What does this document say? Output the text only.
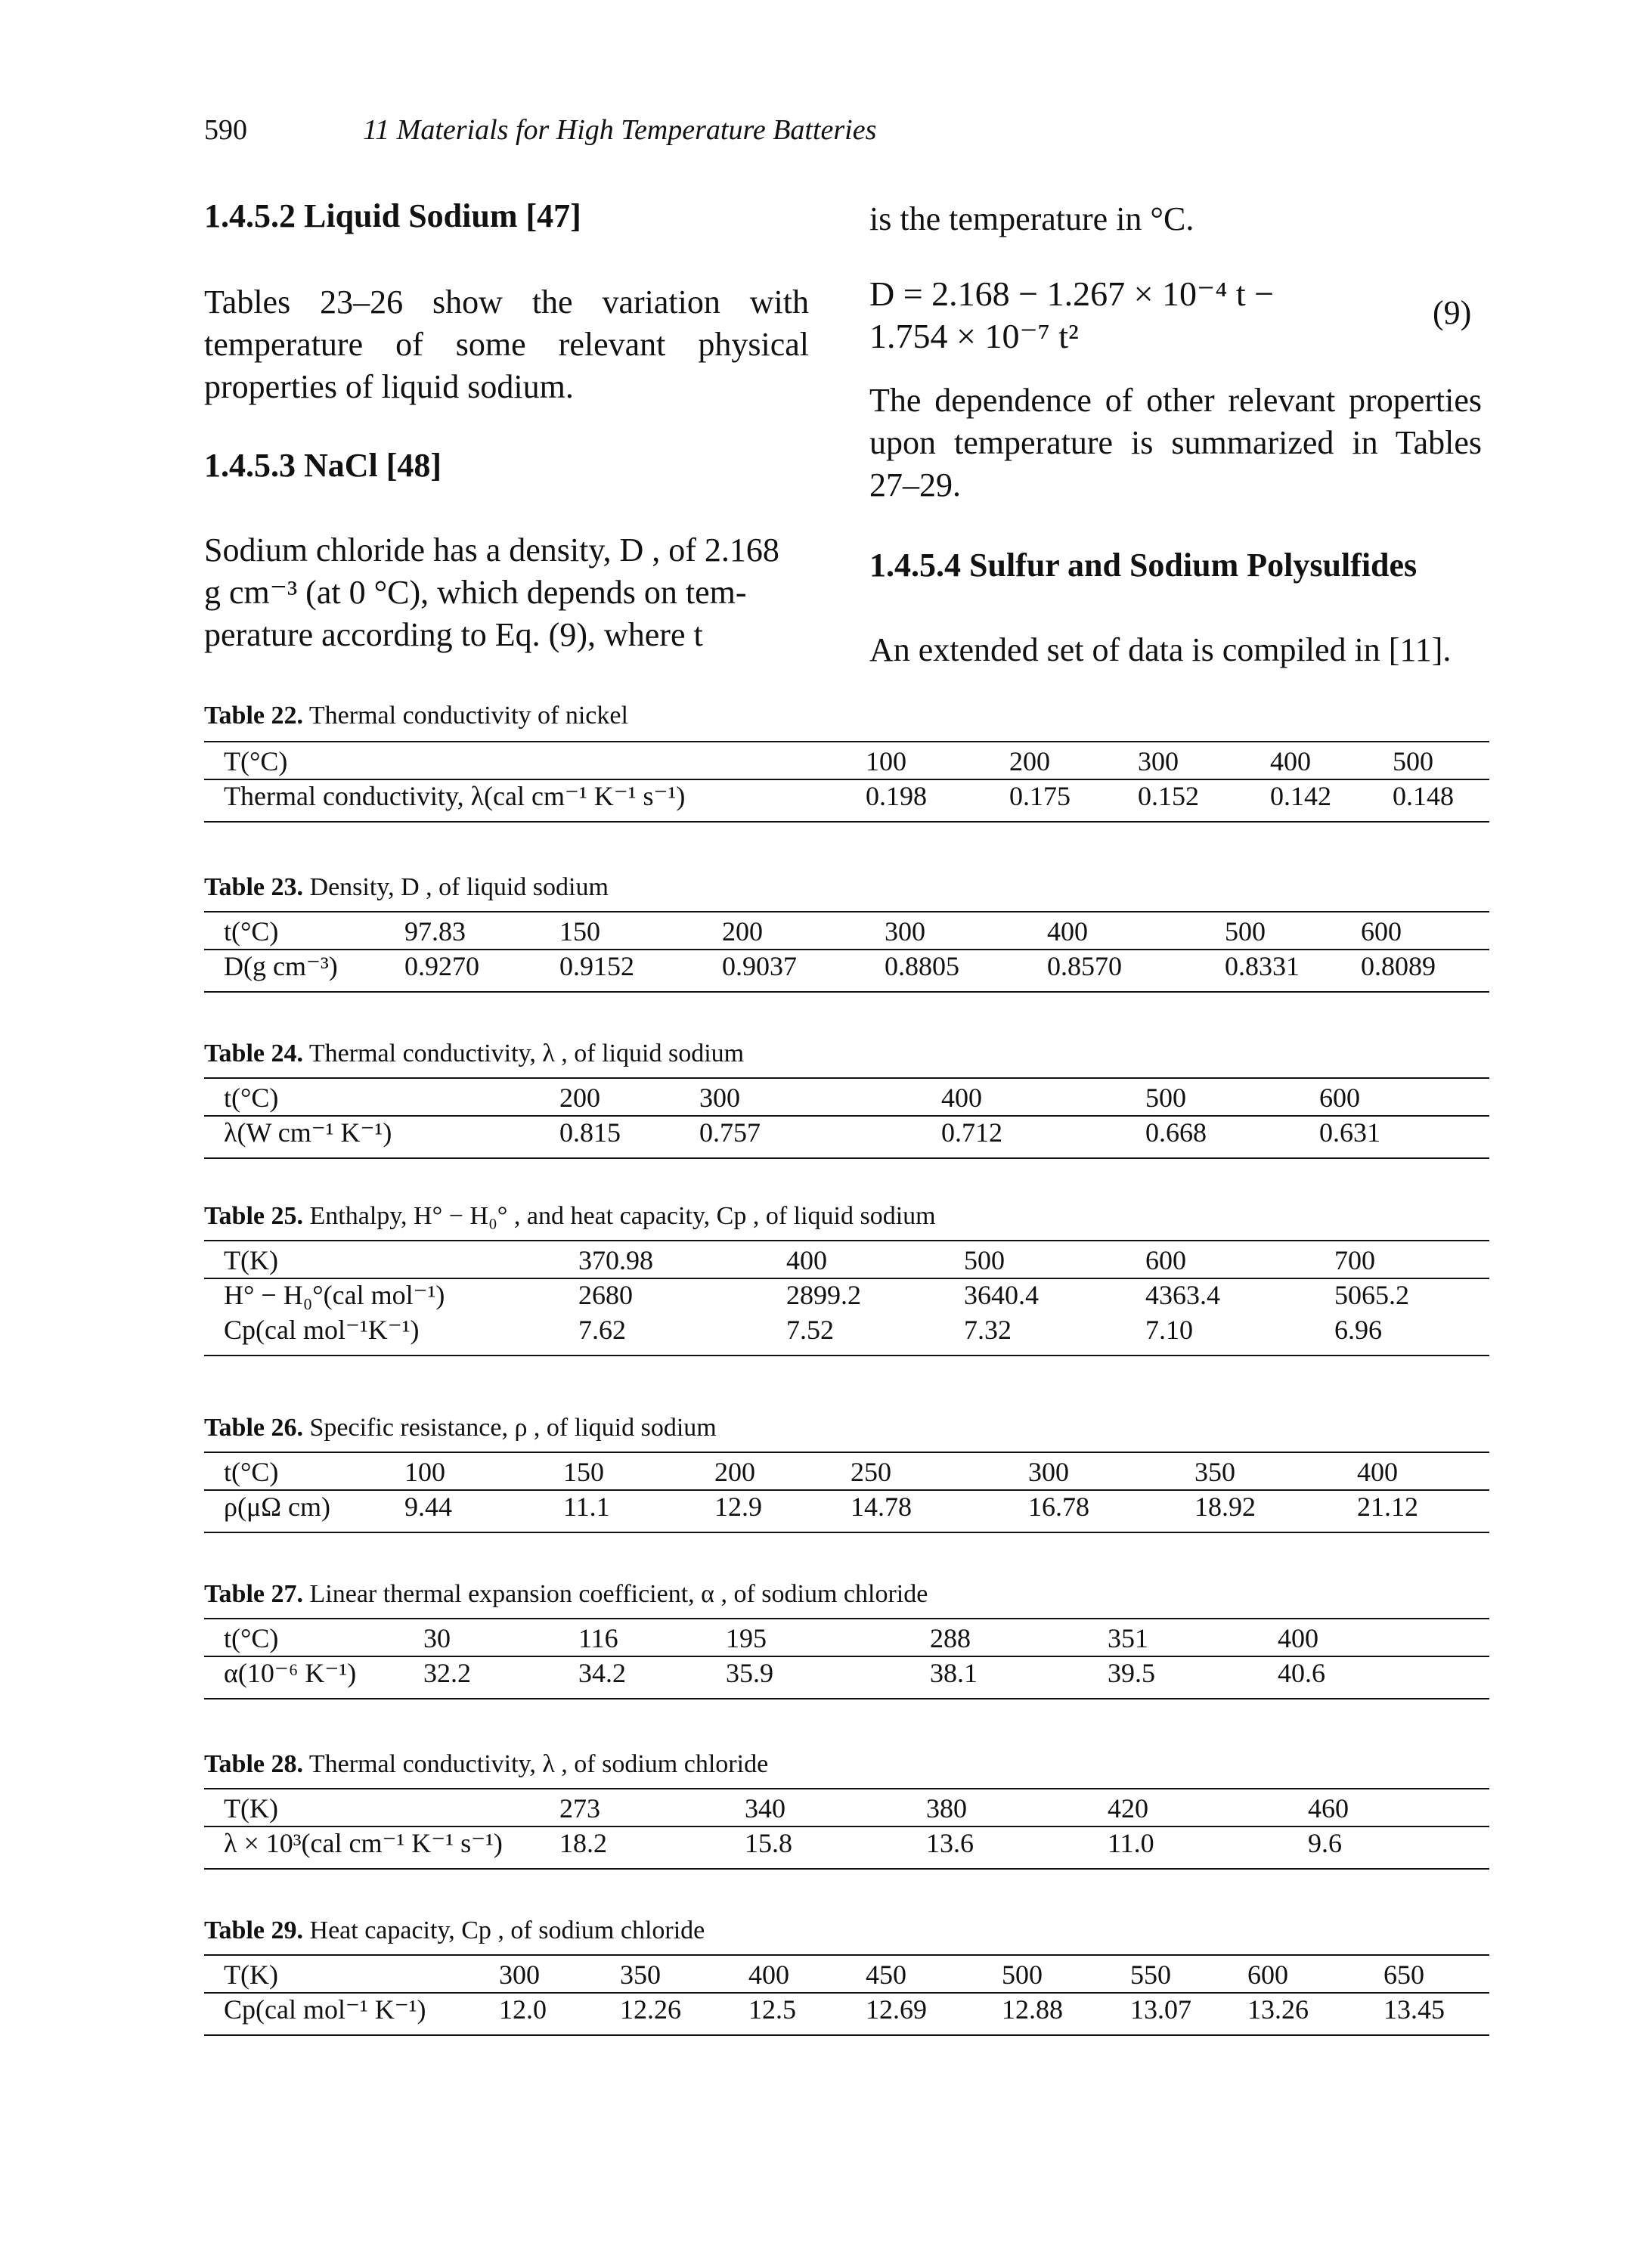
590	11 Materials for High Temperature Batteries
1.4.5.2 Liquid Sodium [47]
Tables 23–26 show the variation with temperature of some relevant physical properties of liquid sodium.
1.4.5.3 NaCl [48]
Sodium chloride has a density, D , of 2.168
g cm⁻³ (at 0 °C), which depends on tem-
perature according to Eq. (9), where t
is the temperature in °C.
D = 2.168 − 1.267 × 10⁻⁴ t −
1.754 × 10⁻⁷ t²
(9)
The dependence of other relevant properties upon temperature is summarized in Tables 27–29.
1.4.5.4 Sulfur and Sodium Polysulfides
An extended set of data is compiled in [11].
Table 22. Thermal conductivity of nickel
T(°C)	100	200	300	400	500
Thermal conductivity, λ(cal cm⁻¹ K⁻¹ s⁻¹)	0.198	0.175 0.152	0.142 0.148
Table 23. Density, D , of liquid sodium
t(°C)	97.83	150	200	300	400	500	600
D(g cm⁻³) 0.9270	0.9152	0.9037	0.8805	0.8570	0.8331 0.8089
Table 24. Thermal conductivity, λ , of liquid sodium
t(°C)	200	300	400	500	600
λ(W cm⁻¹ K⁻¹)	0.815	0.757	0.712	0.668	0.631
Table 25. Enthalpy, H° − H₀° , and heat capacity, Cp , of liquid sodium
T(K)	370.98	400	500	600	700
H° − H₀°(cal mol⁻¹)	2680	2899.2	3640.4	4363.4	5065.2
Cp(cal mol⁻¹K⁻¹)	7.62	7.52	7.32	7.10	6.96
Table 26. Specific resistance, ρ , of liquid sodium
t(°C)	100	150	200	250	300	350	400
ρ(μΩ cm)	9.44	11.1	12.9	14.78	16.78	18.92	21.12
Table 27. Linear thermal expansion coefficient, α , of sodium chloride
t(°C)	30	116	195	288	351	400
α(10⁻⁶ K⁻¹) 32.2	34.2	35.9	38.1	39.5	40.6
Table 28. Thermal conductivity, λ , of sodium chloride
T(K)	273	340	380	420	460
λ × 10³(cal cm⁻¹ K⁻¹ s⁻¹) 18.2	15.8	13.6	11.0	9.6
Table 29. Heat capacity, Cp , of sodium chloride
T(K)	300	350	400	450	500	550	600	650
Cp(cal mol⁻¹ K⁻¹)	12.0	12.26 12.5	12.69	12.88 13.07 13.26	13.45
